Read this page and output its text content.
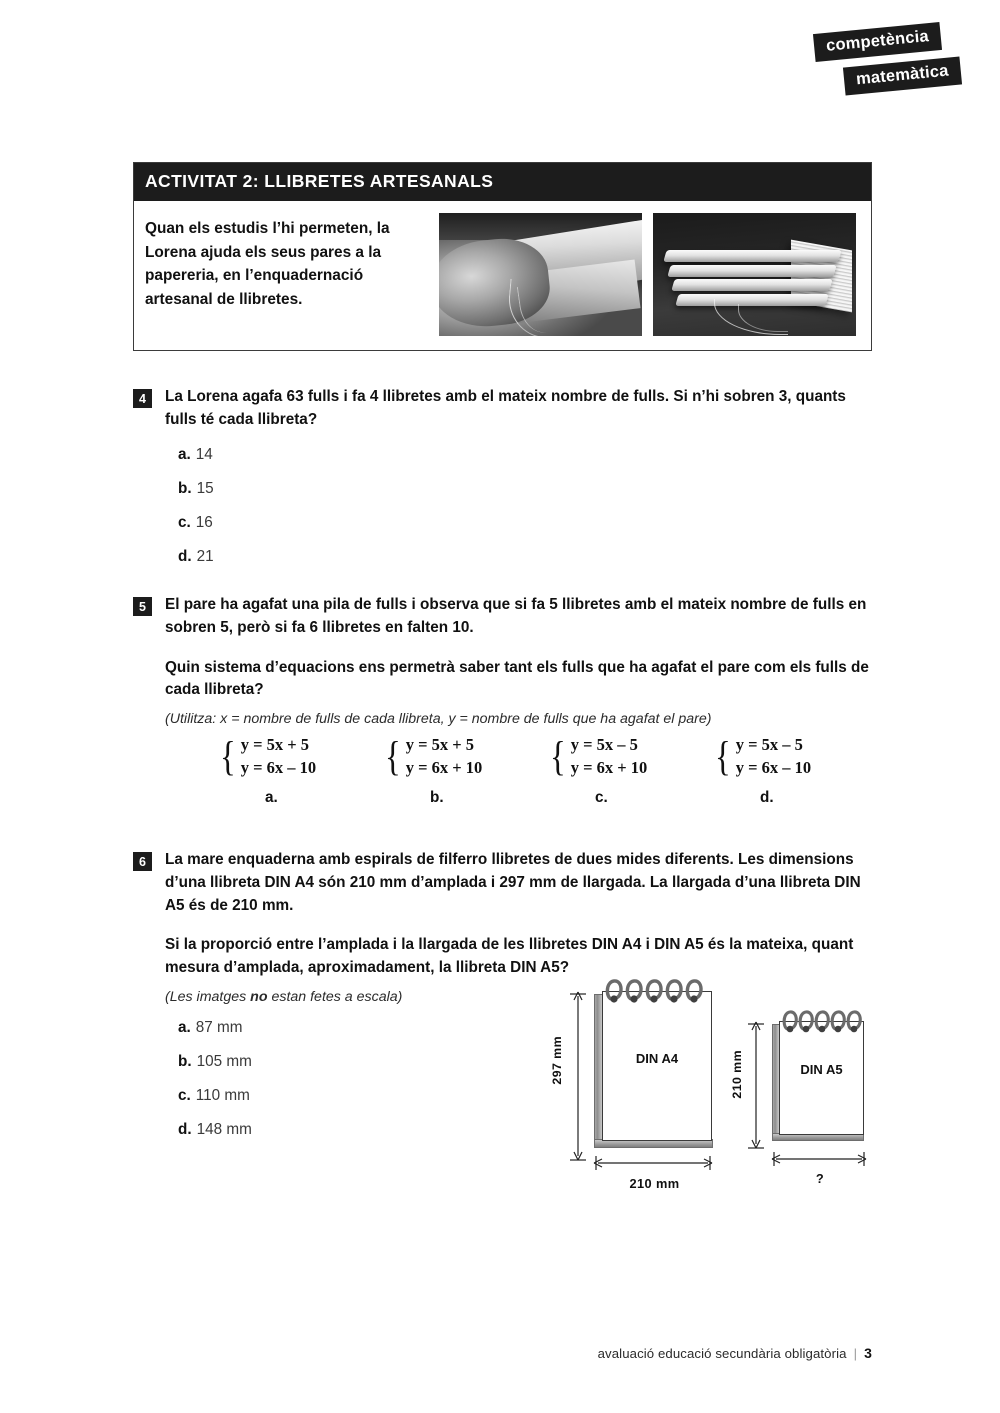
competència
matemàtica
ACTIVITAT 2: LLIBRETES ARTESANALS
Quan els estudis l’hi permeten, la Lorena ajuda els seus pares a la papereria, en l’enquadernació artesanal de llibretes.
4	La Lorena agafa 63 fulls i fa 4 llibretes amb el mateix nombre de fulls. Si n’hi sobren 3, quants fulls té cada llibreta?
a. 14
b. 15
c. 16
d. 21
5	El pare ha agafat una pila de fulls i observa que si fa 5 llibretes amb el mateix nombre de fulls en sobren 5, però si fa 6 llibretes en falten 10.
Quin sistema d’equacions ens permetrà saber tant els fulls que ha agafat el pare com els fulls de cada llibreta?
(Utilitza: x = nombre de fulls de cada llibreta, y = nombre de fulls que ha agafat el pare)
{ y = 5x + 5
y = 6x – 10
a.
{ y = 5x + 5
y = 6x + 10
b.
{ y = 5x – 5
y = 6x + 10
c.
{ y = 5x – 5
y = 6x – 10
d.
6	La mare enquaderna amb espirals de filferro llibretes de dues mides diferents. Les dimensions d’una llibreta DIN A4 són 210 mm d’amplada i 297 mm de llargada. La llargada d’una llibreta DIN A5 és de 210 mm.
Si la proporció entre l’amplada i la llargada de les llibretes DIN A4 i DIN A5 és la mateixa, quant mesura d’amplada, aproximadament, la llibreta DIN A5?
(Les imatges no estan fetes a escala)
a. 87 mm
b. 105 mm
c. 110 mm
d. 148 mm
297 mm	DIN A4
210 mm
210 mm	DIN A5
?
avaluació educació secundària obligatòria | 3
